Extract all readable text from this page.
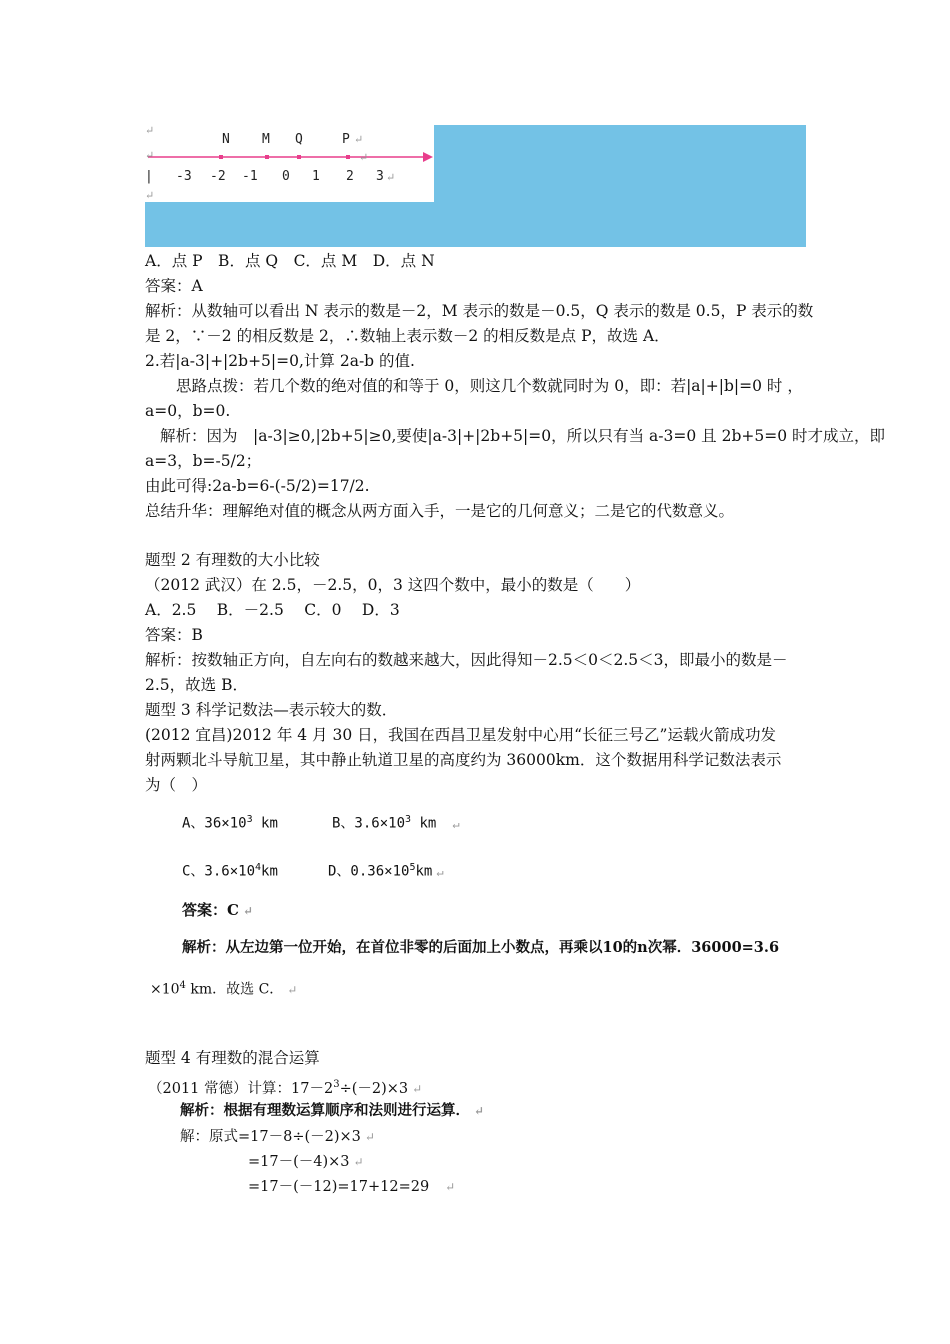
↵
↵
↵
N M Q	P ↵
↵
| -3 -2 -1 0 1 2 3 ↵
A．点 P　B．点 Q　C．点 M　D．点 N
答案：A
解析：从数轴可以看出 N 表示的数是－2，M 表示的数是－0.5，Q 表示的数是 0.5，P 表示的数
是 2，∵－2 的相反数是 2，∴数轴上表示数－2 的相反数是点 P，故选 A．
2.若|a-3|+|2b+5|=0,计算 2a-b 的值.
思路点拨：若几个数的绝对值的和等于 0，则这几个数就同时为 0，即：若|a|+|b|=0 时 ，
a=0，b=0.
解析：因为　|a-3|≥0,|2b+5|≥0,要使|a-3|+|2b+5|=0，所以只有当 a-3=0 且 2b+5=0 时才成立，即
a=3，b=-5/2；
由此可得:2a-b=6-(-5/2)=17/2.
总结升华：理解绝对值的概念从两方面入手，一是它的几何意义；二是它的代数意义。
题型 2 有理数的大小比较
（2012 武汉）在 2.5，－2.5，0，3 这四个数中，最小的数是（　　）
A．2.5　 B．－2.5　 C．0　 D．3
答案：B
解析：按数轴正方向，自左向右的数越来越大，因此得知－2.5＜0＜2.5＜3，即最小的数是－
2.5，故选 B．
题型 3 科学记数法—表示较大的数．
(2012 宜昌)2012 年 4 月 30 日，我国在西昌卫星发射中心用“长征三号乙”运载火箭成功发
射两颗北斗导航卫星，其中静止轨道卫星的高度约为 36000km．这个数据用科学记数法表示
为（　）
A、$36\times 10^3$ km	B、$3.6\times 10^3$ km　↵
C、$3.6\times 10^4km$	D、$0.36\times 10^5km$ ↵
答案：C ↵
解析：从左边第一位开始，在首位非零的后面加上小数点，再乘以10的n次幂．36000=3.6
$\times 10^4$ km．故选 C． ↵
题型 4 有理数的混合运算
（2011 常德）计算：$17-2^3\div(-2)\times 3$ ↵
解析：根据有理数运算顺序和法则进行运算． ↵
解：原式=17－8÷(－2)×3 ↵
=17－(－4)×3 ↵
=17－(－12)=17+12=29　↵
